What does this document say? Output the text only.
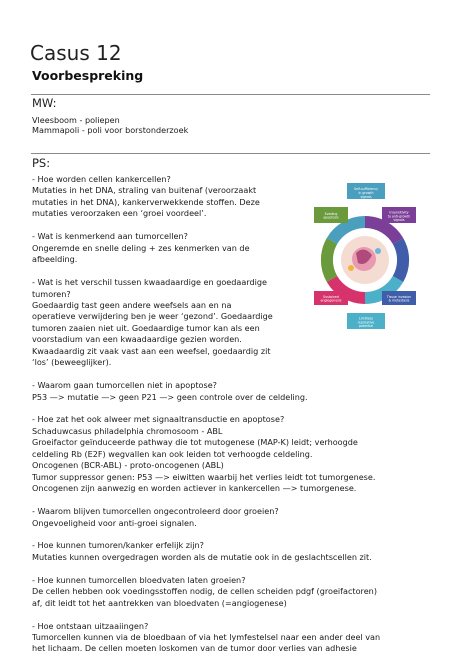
Casus 12
Voorbespreking
MW:
Vleesboom - poliepen
Mammapoli - poli voor borstonderzoek
PS:
- Hoe worden cellen kankercellen?
Mutaties in het DNA, straling van buitenaf (veroorzaakt
mutaties in het DNA), kankerverwekkende stoffen. Deze
mutaties veroorzaken een ‘groei voordeel’.
- Wat is kenmerkend aan tumorcellen?
Ongeremde en snelle deling + zes kenmerken van de
afbeelding.
- Wat is het verschil tussen kwaadaardige en goedaardige
tumoren?
Goedaardig tast geen andere weefsels aan en na
operatieve verwijdering ben je weer ‘gezond’. Goedaardige
tumoren zaaien niet uit. Goedaardige tumor kan als een
voorstadium van een kwaadaardige gezien worden.
Kwaadaardig zit vaak vast aan een weefsel, goedaardig zit
‘los’ (beweeglijker).
- Waarom gaan tumorcellen niet in apoptose?
P53 —> mutatie —> geen P21 —> geen controle over de celdeling.
- Hoe zat het ook alweer met signaaltransductie en apoptose?
Schaduwcasus philadelphia chromosoom - ABL
Groeifactor geïnduceerde pathway die tot mutogenese (MAP-K) leidt; verhoogde
celdeling Rb (E2F) wegvallen kan ook leiden tot verhoogde celdeling.
Oncogenen (BCR-ABL) - proto-oncogenen (ABL)
Tumor suppressor genen: P53 —> eiwitten waarbij het verlies leidt tot tumorgenese.
Oncogenen zijn aanwezig en worden actiever in kankercellen —> tumorgenese.
- Waarom blijven tumorcellen ongecontroleerd door groeien?
Ongevoeligheid voor anti-groei signalen.
- Hoe kunnen tumoren/kanker erfelijk zijn?
Mutaties kunnen overgedragen worden als de mutatie ook in de geslachtscellen zit.
- Hoe kunnen tumorcellen bloedvaten laten groeien?
De cellen hebben ook voedingsstoffen nodig, de cellen scheiden pdgf (groeifactoren)
af, dit leidt tot het aantrekken van bloedvaten (=angiogenese)
- Hoe ontstaan uitzaaiingen?
Tumorcellen kunnen via de bloedbaan of via het lymfestelsel naar een ander deel van
het lichaam. De cellen moeten loskomen van de tumor door verlies van adhesie
Self-sufficiency in growth signals
Evading apoptosis
Insensitivity to anti-growth signals
Sustained angiogenesis
Tissue invasion & metastasis
Limitless replicative potential
